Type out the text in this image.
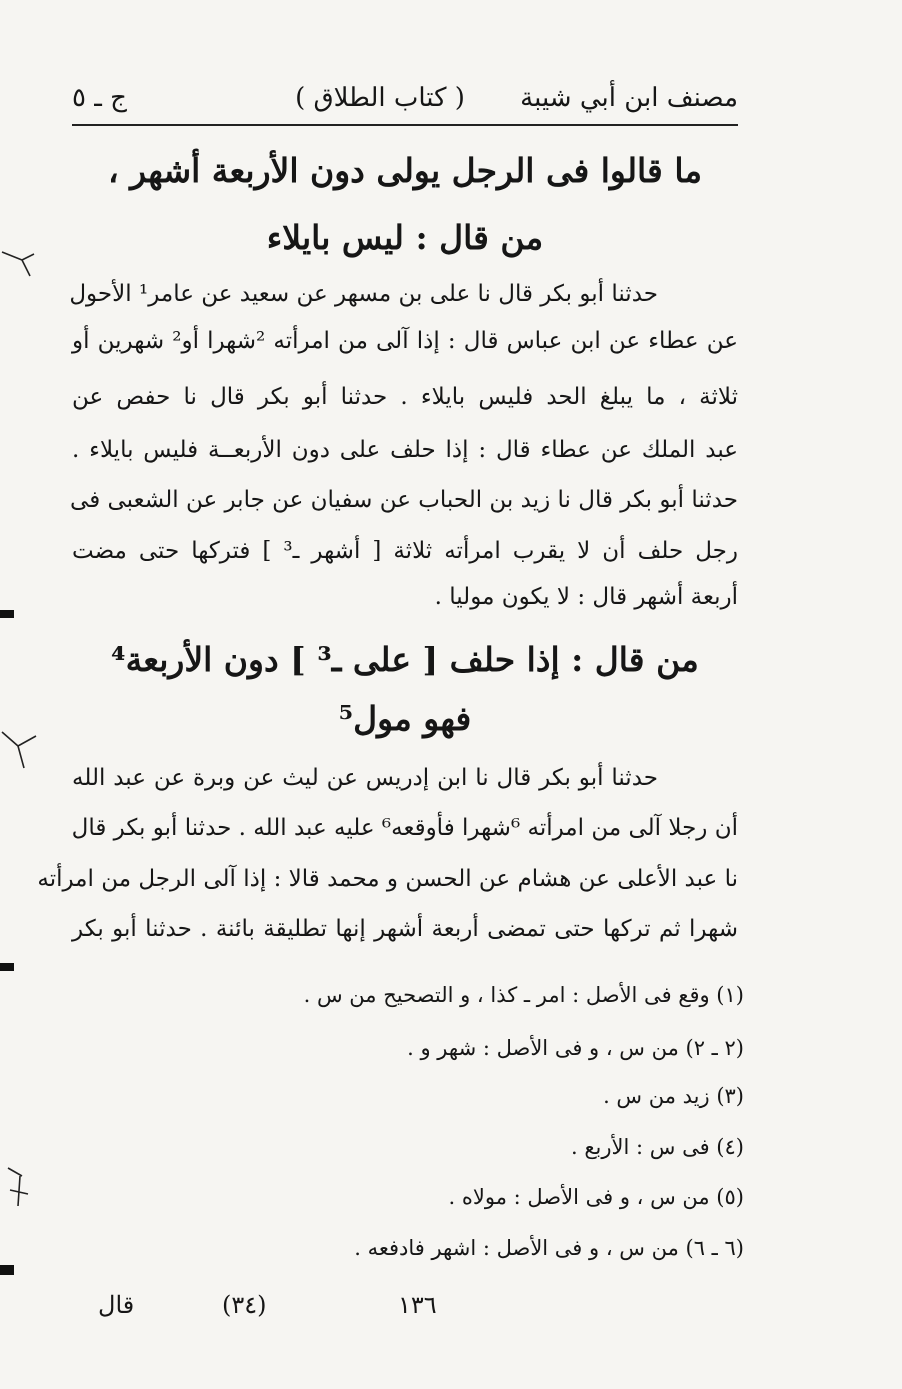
ج ـ ٥	( كتاب الطلاق )	مصنف ابن أبي شيبة
ما قالوا فى الرجل يولى دون الأربعة أشهر ،
من قال : ليس بايلاء
حدثنا أبو بكر قال نا على بن مسهر عن سعيد عن عامر¹ الأحول
عن عطاء عن ابن عباس قال : إذا آلى من امرأته ²شهرا أو² شهرين أو
ثلاثة ، ما يبلغ الحد فليس بايلاء . حدثنا أبو بكر قال نا حفص عن
عبد الملك عن عطاء قال : إذا حلف على دون الأربعــة فليس بايلاء .
حدثنا أبو بكر قال نا زيد بن الحباب عن سفيان عن جابر عن الشعبى فى
رجل حلف أن لا يقرب امرأته ثلاثة [ أشهر ـ³ ] فتركها حتى مضت
أربعة أشهر قال : لا يكون موليا .
من قال : إذا حلف [ على ـ³ ] دون الأربعة⁴
فهو مول⁵
حدثنا أبو بكر قال نا ابن إدريس عن ليث عن وبرة عن عبد الله
أن رجلا آلى من امرأته ⁶شهرا فأوقعه⁶ عليه عبد الله . حدثنا أبو بكر قال
نا عبد الأعلى عن هشام عن الحسن و محمد قالا : إذا آلى الرجل من امرأته
شهرا ثم تركها حتى تمضى أربعة أشهر إنها تطليقة بائنة . حدثنا أبو بكر
(١) وقع فى الأصل : امر ـ كذا ، و التصحيح من س .
(٢ ـ ٢) من س ، و فى الأصل : شهر و .
(٣) زيد من س .
(٤) فى س : الأربع .
(٥) من س ، و فى الأصل : مولاه .
(٦ ـ ٦) من س ، و فى الأصل : اشهر فادفعه .
قال	(٣٤)	١٣٦
